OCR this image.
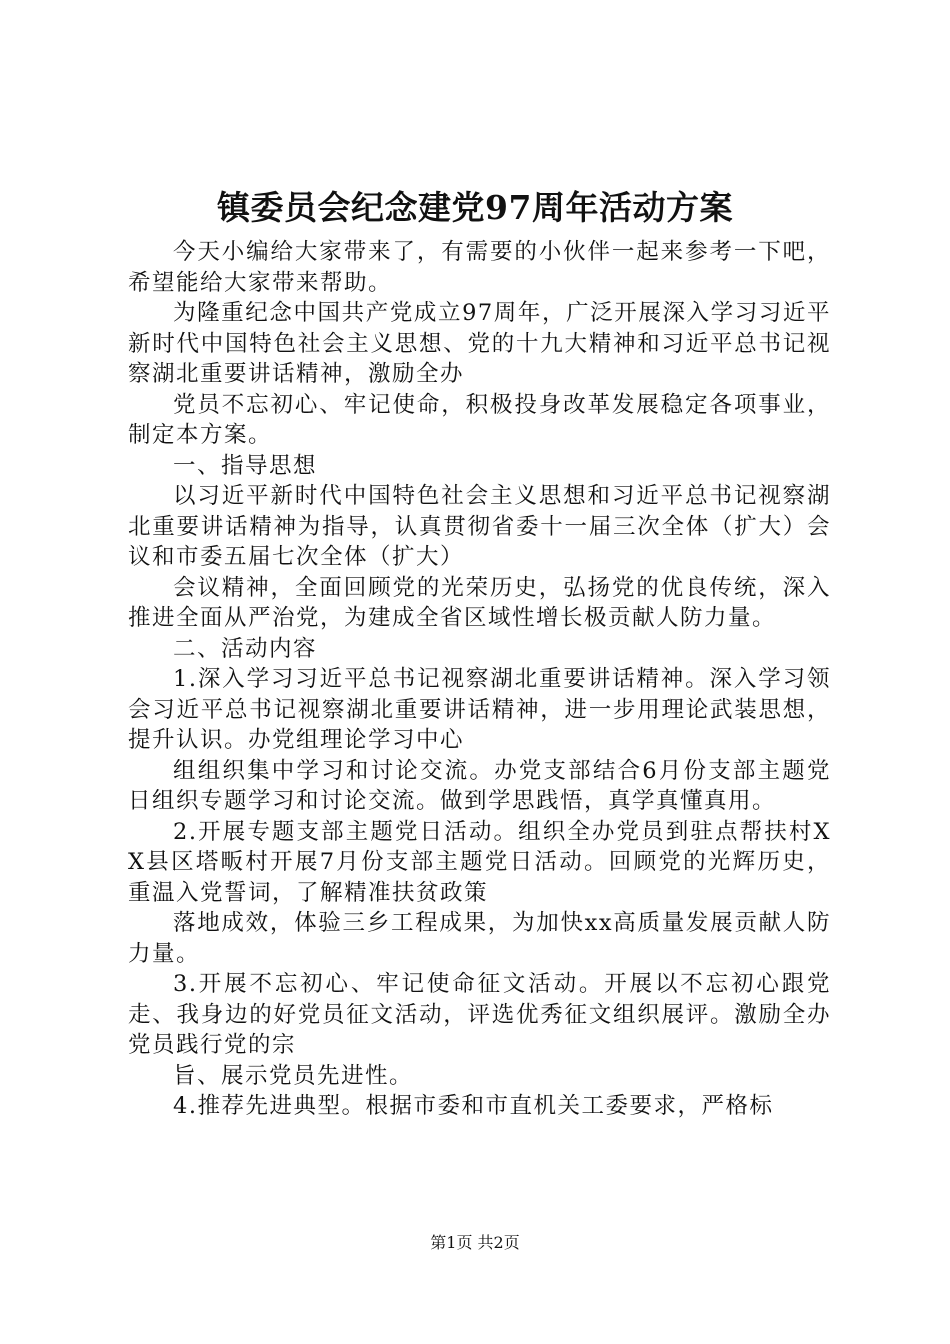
镇委员会纪念建党97周年活动方案

今天小编给大家带来了，有需要的小伙伴一起来参考一下吧，希望能给大家带来帮助。

为隆重纪念中国共产党成立97周年，广泛开展深入学习习近平新时代中国特色社会主义思想、党的十九大精神和习近平总书记视察湖北重要讲话精神，激励全办

党员不忘初心、牢记使命，积极投身改革发展稳定各项事业，制定本方案。

一、指导思想

以习近平新时代中国特色社会主义思想和习近平总书记视察湖北重要讲话精神为指导，认真贯彻省委十一届三次全体（扩大）会议和市委五届七次全体（扩大）

会议精神，全面回顾党的光荣历史，弘扬党的优良传统，深入推进全面从严治党，为建成全省区域性增长极贡献人防力量。

二、活动内容

1.深入学习习近平总书记视察湖北重要讲话精神。深入学习领会习近平总书记视察湖北重要讲话精神，进一步用理论武装思想，提升认识。办党组理论学习中心

组组织集中学习和讨论交流。办党支部结合6月份支部主题党日组织专题学习和讨论交流。做到学思践悟，真学真懂真用。

2.开展专题支部主题党日活动。组织全办党员到驻点帮扶村XX县区塔畈村开展7月份支部主题党日活动。回顾党的光辉历史，重温入党誓词，了解精准扶贫政策

落地成效，体验三乡工程成果，为加快xx高质量发展贡献人防力量。

3.开展不忘初心、牢记使命征文活动。开展以不忘初心跟党走、我身边的好党员征文活动，评选优秀征文组织展评。激励全办党员践行党的宗

旨、展示党员先进性。

4.推荐先进典型。根据市委和市直机关工委要求，严格标

第1页 共2页
